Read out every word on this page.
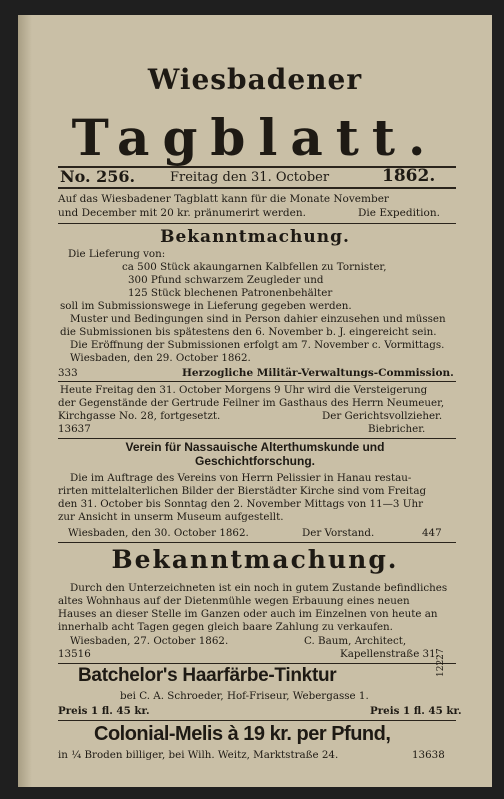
Wiesbadener
Tagblatt.
No. 256.	Freitag den 31. October	1862.
Auf das Wiesbadener Tagblatt kann für die Monate November
und December mit 20 kr. pränumerirt werden.	Die Expedition.
Bekanntmachung.
Die Lieferung von:
ca 500 Stück akaungarnen Kalbfellen zu Tornister,
300 Pfund schwarzem Zeugleder und
125 Stück blechenen Patronenbehälter
soll im Submissionswege in Lieferung gegeben werden.
Muster und Bedingungen sind in Person dahier einzusehen und müssen
die Submissionen bis spätestens den 6. November b. J. eingereicht sein.
Die Eröffnung der Submissionen erfolgt am 7. November c. Vormittags.
Wiesbaden, den 29. October 1862.
333	Herzogliche Militär-Verwaltungs-Commission.
Heute Freitag den 31. October Morgens 9 Uhr wird die Versteigerung
der Gegenstände der Gertrude Feilner im Gasthaus des Herrn Neumeuer,
Kirchgasse No. 28, fortgesetzt.	Der Gerichtsvollzieher.
13637	Biebricher.
Verein für Nassauische Alterthumskunde und
Geschichtforschung.
Die im Auftrage des Vereins von Herrn Pelissier in Hanau restau-
rirten mittelalterlichen Bilder der Bierstädter Kirche sind vom Freitag
den 31. October bis Sonntag den 2. November Mittags von 11—3 Uhr
zur Ansicht in unserm Museum aufgestellt.
Wiesbaden, den 30. October 1862.	Der Vorstand.	447
Bekanntmachung.
Durch den Unterzeichneten ist ein noch in gutem Zustande befindliches
altes Wohnhaus auf der Dietenmühle wegen Erbauung eines neuen
Hauses an dieser Stelle im Ganzen oder auch im Einzelnen von heute an
innerhalb acht Tagen gegen gleich baare Zahlung zu verkaufen.
Wiesbaden, 27. October 1862.	C. Baum, Architect,
13516	Kapellenstraße 31.
Batchelor's Haarfärbe-Tinktur	12227
bei C. A. Schroeder, Hof-Friseur, Webergasse 1.
Preis 1 fl. 45 kr.	Preis 1 fl. 45 kr.
Colonial-Melis à 19 kr. per Pfund,
in ¼ Broden billiger, bei Wilh. Weitz, Marktstraße 24.	13638
